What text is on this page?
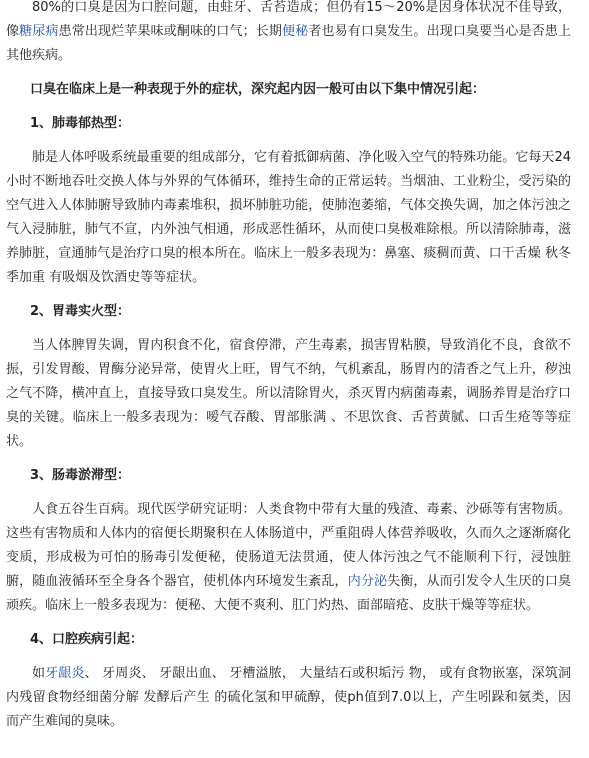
80%的口臭是因为口腔问题，由蛀牙、舌苔造成；但仍有15～20%是因身体状况不佳导致，像糖尿病患常出现烂苹果味或酮味的口气；长期便秘者也易有口臭发生。出现口臭要当心是否患上其他疾病。

口臭在临床上是一种表现于外的症状，深究起内因一般可由以下集中情况引起：

1、肺毒郁热型：

肺是人体呼吸系统最重要的组成部分，它有着抵御病菌、净化吸入空气的特殊功能。它每天24小时不断地吞吐交换人体与外界的气体循环，维持生命的正常运转。当烟油、工业粉尘，受污染的空气进入人体肺腑导致肺内毒素堆积，损坏肺脏功能，使肺泡萎缩，气体交换失调，加之体污浊之气入浸肺脏，肺气不宣，内外浊气相通，形成恶性循环，从而使口臭极难除根。所以清除肺毒，滋养肺脏，宣通肺气是治疗口臭的根本所在。临床上一般多表现为：鼻塞、痰稠而黄、口干舌燥 秋冬季加重 有吸烟及饮酒史等等症状。

2、胃毒实火型：

当人体脾胃失调，胃内积食不化，宿食停滞，产生毒素，损害胃粘膜，导致消化不良，食欲不振，引发胃酸、胃酶分泌异常，使胃火上旺，胃气不纳，气机紊乱，肠胃内的清香之气上升，秽浊之气不降，横冲直上，直接导致口臭发生。所以清除胃火，杀灭胃内病菌毒素，调肠养胃是治疗口臭的关键。临床上一般多表现为：嗳气吞酸、胃部胀满 、不思饮食、舌苔黄腻、口舌生疮等等症状。

3、肠毒淤滞型：

人食五谷生百病。现代医学研究证明：人类食物中带有大量的残渣、毒素、沙砾等有害物质。这些有害物质和人体内的宿便长期聚积在人体肠道中，严重阻碍人体营养吸收，久而久之逐渐腐化变质，形成极为可怕的肠毒引发便秘，使肠道无法贯通，使人体污浊之气不能顺利下行，浸蚀脏腑，随血液循环至全身各个器官，使机体内环境发生紊乱，内分泌失衡，从而引发令人生厌的口臭顽疾。临床上一般多表现为：便秘、大便不爽利、肛门灼热、面部暗疮、皮肤干燥等等症状。

4、口腔疾病引起：

如牙龈炎、 牙周炎、 牙龈出血、 牙槽溢脓， 大量结石或积垢污 物， 或有食物嵌塞，深筑洞内残留食物经细菌分解 发酵后产生 的硫化氢和甲硫醇，使ph值到7.0以上，产生吲跺和氨类，因而产生难闻的臭味。
